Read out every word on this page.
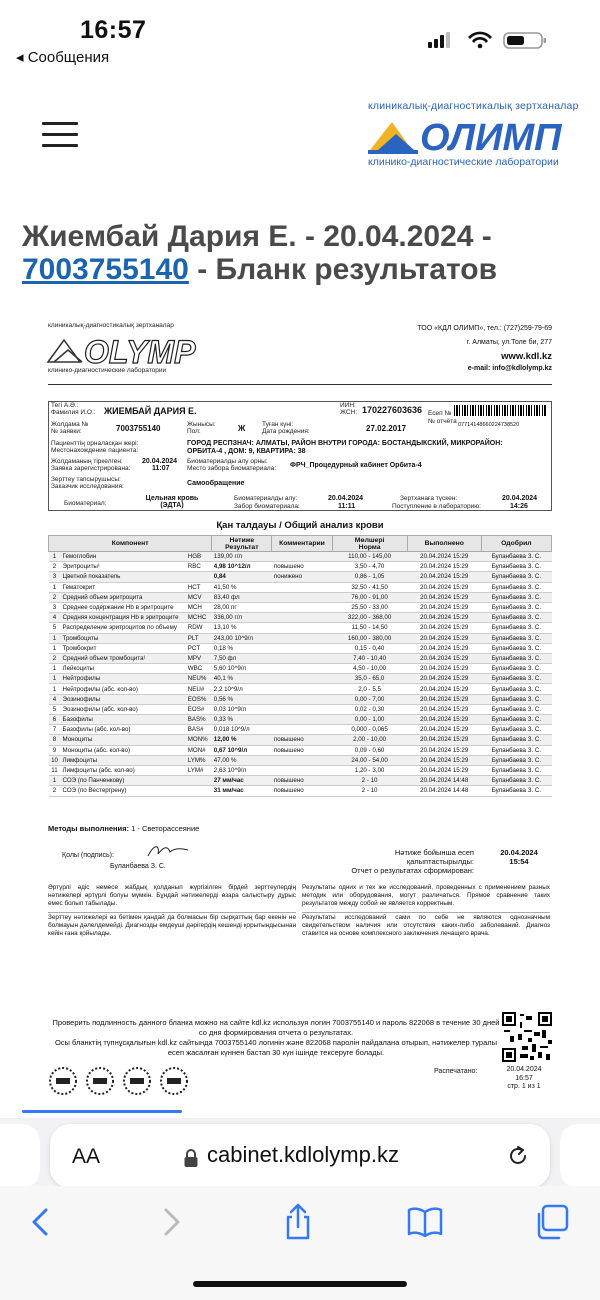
16:57
◂ Сообщения
клиникалық-диагностикалық зертханалар
ОЛИМП
клинико-диагностические лаборатории
Жиембай Дария Е. - 20.04.2024 -
7003755140 - Бланк результатов
клиникалық-диагностикалық зертханалар
OLYMP
клинико-диагностические лаборатории
ТОО «КДЛ ОЛИМП», тел.: (727)259-79-69
г. Алматы, ул.Толе би, 277
www.kdl.kz
e-mail: info@kdlolymp.kz
Тегі А.Ә.:
Фамилия И.О.: ЖИЕМБАЙ ДАРИЯ Е.
ИИН:
ЖСН: 170227603636 Есеп №
№ отчёта 07714148660224738520
Жолдама №
№ заявки:	7003755140	Жынысы:
Пол:	Ж	Туған күні:
Дата рождения:	27.02.2017
Пациенттің орналасқан жері:
Местонахождение пациента:
ГОРОД РЕСПЗНАЧ: АЛМАТЫ, РАЙОН ВНУТРИ ГОРОДА: БОСТАНДЫКСКИЙ, МИКРОРАЙОН: ОРБИТА-4 , ДОМ: 9, КВАРТИРА: 38
Жолдаманың тіркелген:
Заявка зарегистрирована:
20.04.2024
11:07
Биоматериалды алу орны:
Место забора биоматериала: ФРЧ_Процедурный кабинет Орбита-4
Зерттеу тапсырушысы:
Заказчик исследования:	Самообращение
Биоматериал:
Цельная кровь
(ЭДТА)
Биоматериалды алу:
Забор биоматериала:
20.04.2024
11:11
Зертханаға түскен:
Поступление в лабораторию:
20.04.2024
14:26
Қан талдауы / Общий анализ крови
Компонент			Нәтиже
Результат	Комментарии	Мөлшері
Норма	Выполнено	Одобрил
1	Гемоглобин	HGB	139,00 г/л		110,00 - 145,00	20.04.2024 15:29	Буланбаева З. С.
2	Эритроциты¹	RBC	4,98 10^12/л	повышено	3,50 - 4,70	20.04.2024 15:29	Буланбаева З. С.
3	Цветной показатель		0,84	понижено	0,86 - 1,05	20.04.2024 15:29	Буланбаева З. С.
1	Гематокрит	HCT	41,50 %		32,50 - 41,50	20.04.2024 15:29	Буланбаева З. С.
2	Средний объем эритроцита	MCV	83,40 фл		76,00 - 91,00	20.04.2024 15:29	Буланбаева З. С.
3	Среднее содержание Hb в эритроците	MCH	28,00 пг		25,50 - 33,00	20.04.2024 15:29	Буланбаева З. С.
4	Средняя концентрация Hb в эритроците	MCHC	336,00 г/л		322,00 - 368,00	20.04.2024 15:29	Буланбаева З. С.
5	Распределение эритроцитов по объему	RDW	13,10 %		11,50 - 14,50	20.04.2024 15:29	Буланбаева З. С.
1	Тромбоциты	PLT	243,00 10^9/л		160,00 - 380,00	20.04.2024 15:29	Буланбаева З. С.
1	Тромбокрит	PCT	0,18 %		0,15 - 0,40	20.04.2024 15:29	Буланбаева З. С.
2	Средний объем тромбоцита¹	MPV	7,50 фл		7,40 - 10,40	20.04.2024 15:29	Буланбаева З. С.
1	Лейкоциты	WBC	5,60 10^9/л		4,50 - 10,00	20.04.2024 15:29	Буланбаева З. С.
1	Нейтрофилы	NEU%	40,1 %		35,0 - 65,0	20.04.2024 15:29	Буланбаева З. С.
1	Нейтрофилы (абс. кол-во)	NEU#	2,2 10^9/л		2,0 - 5,5	20.04.2024 15:29	Буланбаева З. С.
4	Эозинофилы	EOS%	0,56 %		0,00 - 7,00	20.04.2024 15:29	Буланбаева З. С.
5	Эозинофилы (абс. кол-во)	EOS#	0,03 10^9/л		0,02 - 0,30	20.04.2024 15:29	Буланбаева З. С.
6	Базофилы	BAS%	0,33 %		0,00 - 1,00	20.04.2024 15:29	Буланбаева З. С.
7	Базофилы (абс. кол-во)	BAS#	0,018 10^9/л		0,000 - 0,065	20.04.2024 15:29	Буланбаева З. С.
8	Моноциты	MON%	12,00 %	повышено	2,00 - 10,00	20.04.2024 15:29	Буланбаева З. С.
9	Моноциты (абс. кол-во)	MON#	0,67 10^9/л	повышено	0,09 - 0,60	20.04.2024 15:29	Буланбаева З. С.
10	Лимфоциты	LYM%	47,00 %		24,00 - 54,00	20.04.2024 15:29	Буланбаева З. С.
11	Лимфоциты (абс. кол-во)	LYM#	2,63 10^9/л		1,20 - 3,00	20.04.2024 15:29	Буланбаева З. С.
1	СОЭ (по Панченкову)		27 мм/час	повышено	2 - 10	20.04.2024 14:48	Буланбаева З. С.
2	СОЭ (по Вестергрену)		31 мм/час	повышено	2 - 10	20.04.2024 14:48	Буланбаева З. С.
Методы выполнения: 1 - Светорассеяние
Қолы (подпись):
Буланбаева З. С.
Нәтиже бойынша есеп қалыптастырылды:
Отчет о результатах сформирован:
20.04.2024
15:54

Әртүрлі әдіс немесе жабдық қолданып жүргізілген бірдей зерттеулердің нәтижелері әртүрлі болуы мүмкін. Бұндай нәтижелерді өзара салыстыру дұрыс емес болып табылады.

Зерттеу нәтижелері өз бетімен қандай да болмасын бір сырқаттың бар екенін не болмауын дәлелдемейді. Диагнозды емдеуші дәрігердің кешенді қорытындысынан кейін ғана қойылады.

Результаты одних и тех же исследований, проведенных с применением разных методик или оборудования, могут различаться. Прямое сравнение таких результатов между собой не является корректным.

Результаты исследований сами по себе не являются однозначным свидетельством наличия или отсутствия каких-либо заболеваний. Диагноз ставится на основе комплексного заключения лечащего врача.

Проверить подлинность данного бланка можно на сайте kdl.kz используя логин 7003755140 и пароль 822068 в течение 30 дней со дня формирования отчета о результатах.

Осы бланктің түпнұсқалығын kdl.kz сайтында 7003755140 логинін және 822068 паролін пайдалана отырып, нәтижелер туралы есеп жасалған күннен бастап 30 күн ішінде тексеруге болады.

Распечатано:	20.04.2024
16:57
стр. 1 из 1
AA	cabinet.kdlolymp.kz
